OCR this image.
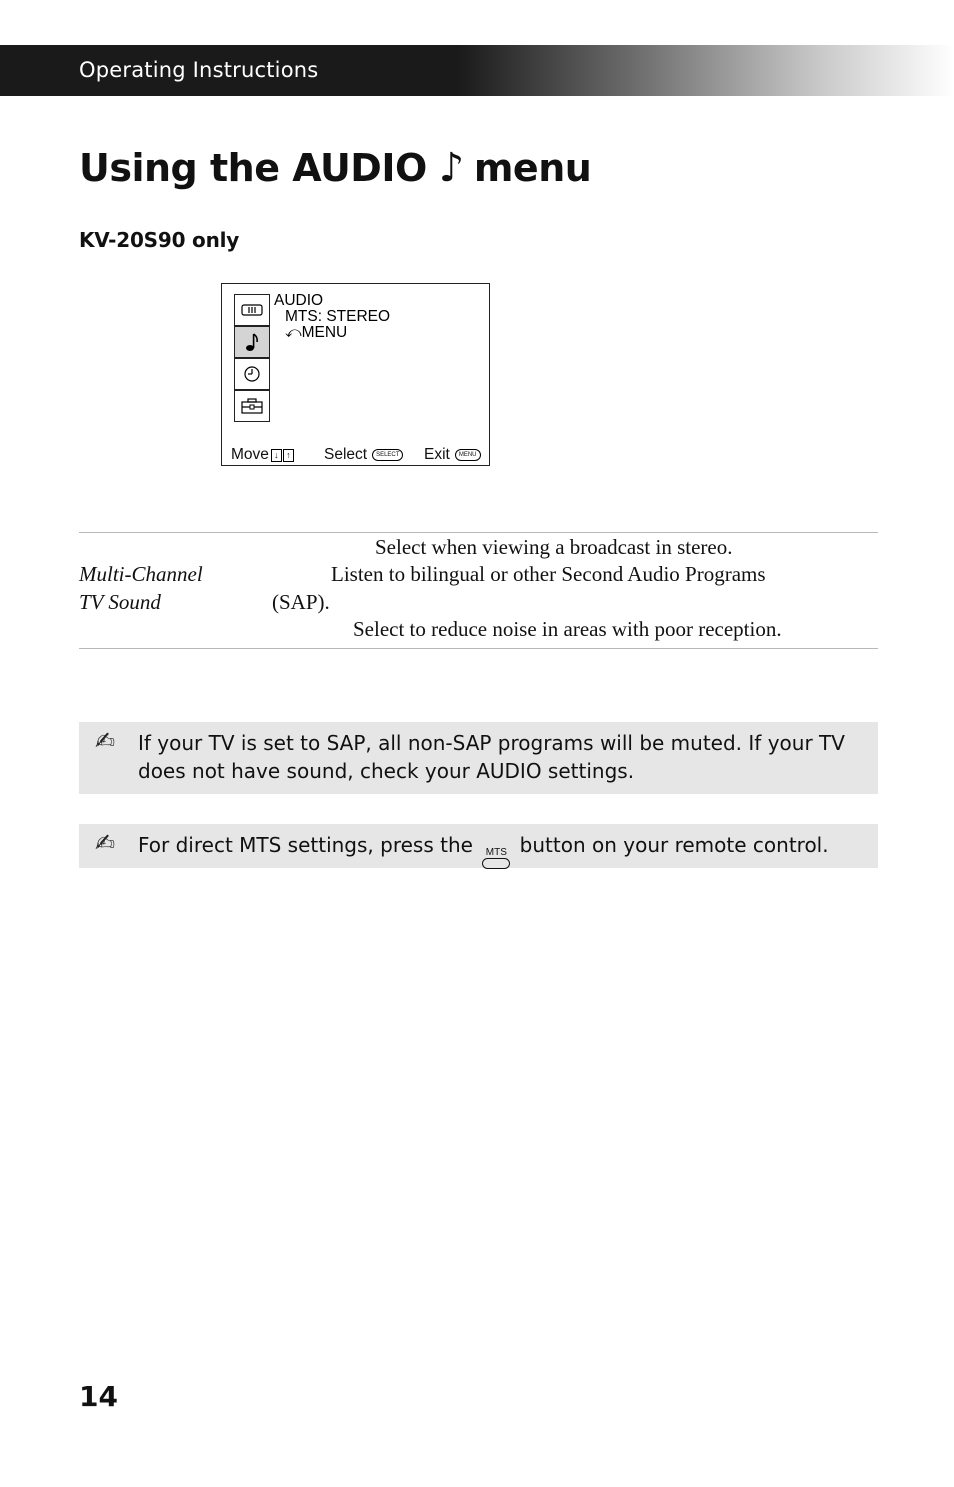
Operating Instructions
Using the AUDIO ♪ menu
KV-20S90 only
AUDIO
MTS: STEREO
⤺MENU
Move ↓ ↑ Select	SELECT Exit	MENU
Select when viewing a broadcast in stereo.
Multi-Channel	Listen to bilingual or other Second Audio Programs
TV Sound	(SAP).
Select to reduce noise in areas with poor reception.
✍ If your TV is set to SAP, all non-SAP programs will be muted. If your TV does not have sound, check your AUDIO settings.
✍ For direct MTS settings, press the MTS button on your remote control.
14
